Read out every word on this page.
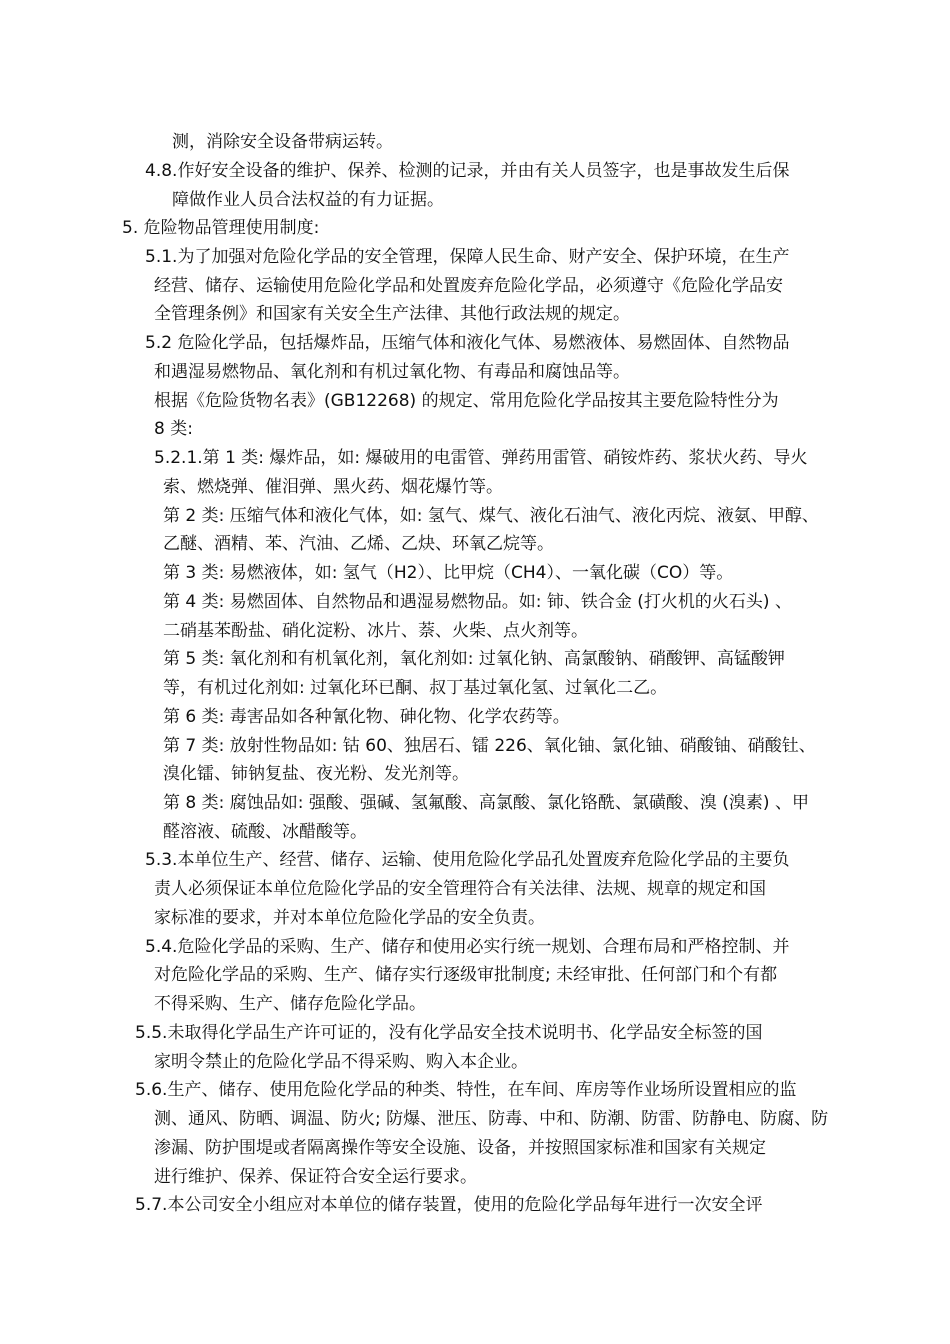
测，消除安全设备带病运转。
4.8.作好安全设备的维护、保养、检测的记录，并由有关人员签字，也是事故发生后保
障做作业人员合法权益的有力证据。
5. 危险物品管理使用制度:
5.1.为了加强对危险化学品的安全管理，保障人民生命、财产安全、保护环境，在生产
经营、储存、运输使用危险化学品和处置废弃危险化学品，必须遵守《危险化学品安
全管理条例》和国家有关安全生产法律、其他行政法规的规定。
5.2 危险化学品，包括爆炸品，压缩气体和液化气体、易燃液体、易燃固体、自然物品
和遇湿易燃物品、氧化剂和有机过氧化物、有毒品和腐蚀品等。
根据《危险货物名表》(GB12268) 的规定、常用危险化学品按其主要危险特性分为
8 类:
5.2.1.第 1 类: 爆炸品，如: 爆破用的电雷管、弹药用雷管、硝铵炸药、浆状火药、导火
索、燃烧弹、催泪弹、黑火药、烟花爆竹等。
第 2 类: 压缩气体和液化气体，如: 氢气、煤气、液化石油气、液化丙烷、液氨、甲醇、
乙醚、酒精、苯、汽油、乙烯、乙炔、环氧乙烷等。
第 3 类: 易燃液体，如: 氢气（H2）、比甲烷（CH4）、一氧化碳（CO）等。
第 4 类: 易燃固体、自然物品和遇湿易燃物品。如: 铈、铁合金 (打火机的火石头) 、
二硝基苯酚盐、硝化淀粉、冰片、萘、火柴、点火剂等。
第 5 类: 氧化剂和有机氧化剂，氧化剂如: 过氧化钠、高氯酸钠、硝酸钾、高锰酸钾
等，有机过化剂如: 过氧化环已酮、叔丁基过氧化氢、过氧化二乙。
第 6 类: 毒害品如各种氰化物、砷化物、化学农药等。
第 7 类: 放射性物品如: 钴 60、独居石、镭 226、氧化铀、氯化铀、硝酸铀、硝酸钍、
溴化镭、铈钠复盐、夜光粉、发光剂等。
第 8 类: 腐蚀品如: 强酸、强碱、氢氟酸、高氯酸、氯化铬酰、氯磺酸、溴 (溴素) 、甲
醛溶液、硫酸、冰醋酸等。
5.3.本单位生产、经营、储存、运输、使用危险化学品孔处置废弃危险化学品的主要负
责人必须保证本单位危险化学品的安全管理符合有关法律、法规、规章的规定和国
家标准的要求，并对本单位危险化学品的安全负责。
5.4.危险化学品的采购、生产、储存和使用必实行统一规划、合理布局和严格控制、并
对危险化学品的采购、生产、储存实行逐级审批制度; 未经审批、任何部门和个有都
不得采购、生产、储存危险化学品。
5.5.未取得化学品生产许可证的，没有化学品安全技术说明书、化学品安全标签的国
家明令禁止的危险化学品不得采购、购入本企业。
5.6.生产、储存、使用危险化学品的种类、特性，在车间、库房等作业场所设置相应的监
测、通风、防晒、调温、防火; 防爆、泄压、防毒、中和、防潮、防雷、防静电、防腐、防
渗漏、防护围堤或者隔离操作等安全设施、设备，并按照国家标准和国家有关规定
进行维护、保养、保证符合安全运行要求。
5.7.本公司安全小组应对本单位的储存装置，使用的危险化学品每年进行一次安全评
